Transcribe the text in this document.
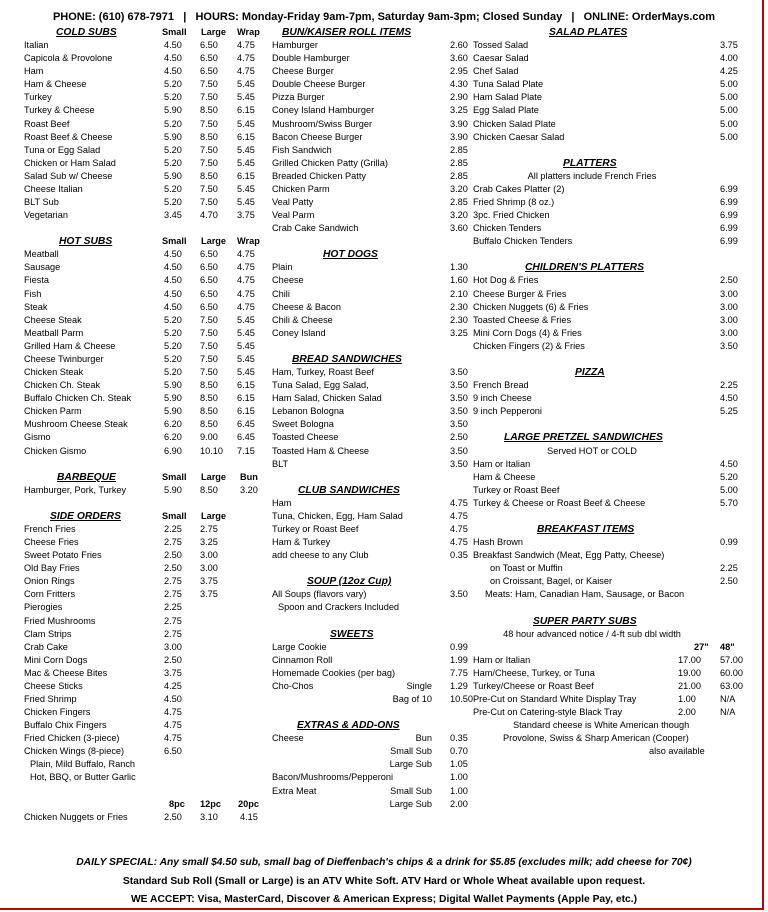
PHONE: (610) 678-7971 | HOURS: Monday-Friday 9am-7pm, Saturday 9am-3pm; Closed Sunday | ONLINE: OrderMays.com
COLD SUBS	Small Large Wrap
Italian	4.50 6.50 4.75
Capicola & Provolone	4.50 6.50 4.75
Ham	4.50 6.50 4.75
Ham & Cheese	5.20 7.50 5.45
Turkey	5.20 7.50 5.45
Turkey & Cheese	5.90 8.50 6.15
Roast Beef	5.20 7.50 5.45
Roast Beef & Cheese	5.90 8.50 6.15
Tuna or Egg Salad	5.20 7.50 5.45
Chicken or Ham Salad	5.20 7.50 5.45
Salad Sub w/ Cheese	5.90 8.50 6.15
Cheese Italian	5.20 7.50 5.45
BLT Sub	5.20 7.50 5.45
Vegetarian	3.45 4.70 3.75
HOT SUBS	Small Large Wrap
Meatball	4.50 6.50 4.75
Sausage	4.50 6.50 4.75
Fiesta	4.50 6.50 4.75
Fish	4.50 6.50 4.75
Steak	4.50 6.50 4.75
Cheese Steak	5.20 7.50 5.45
Meatball Parm	5.20 7.50 5.45
Grilled Ham & Cheese	5.20 7.50 5.45
Cheese Twinburger	5.20 7.50 5.45
Chicken Steak	5.20 7.50 5.45
Chicken Ch. Steak	5.90 8.50 6.15
Buffalo Chicken Ch. Steak	5.90 8.50 6.15
Chicken Parm	5.90 8.50 6.15
Mushroom Cheese Steak	6.20 8.50 6.45
Gismo	6.20 9.00 6.45
Chicken Gismo	6.90 10.10 7.15
BARBEQUE	Small Large Bun
Hamburger, Pork, Turkey	5.90 8.50 3.20
SIDE ORDERS	Small Large
French Fries	2.25 2.75
Cheese Fries	2.75 3.25
Sweet Potato Fries	2.50 3.00
Old Bay Fries	2.50 3.00
Onion Rings	2.75 3.75
Corn Fritters	2.75 3.75
Pierogies	2.25
Fried Mushrooms	2.75
Clam Strips	2.75
Crab Cake	3.00
Mini Corn Dogs	2.50
Mac & Cheese Bites	3.75
Cheese Sticks	4.25
Fried Shrimp	4.50
Chicken Fingers	4.75
Buffalo Chix Fingers	4.75
Fried Chicken (3-piece)	4.75
Chicken Wings (8-piece)	6.50
Plain, Mild Buffalo, Ranch
Hot, BBQ, or Butter Garlic
8pc 12pc 20pc
Chicken Nuggets or Fries	2.50 3.10 4.15
BUN/KAISER ROLL ITEMS
Hamburger	2.60
Double Hamburger	3.60
Cheese Burger	2.95
Double Cheese Burger	4.30
Pizza Burger	2.90
Coney Island Hamburger	3.25
Mushroom/Swiss Burger	3.90
Bacon Cheese Burger	3.90
Fish Sandwich	2.85
Grilled Chicken Patty (Grilla)	2.85
Breaded Chicken Patty	2.85
Chicken Parm	3.20
Veal Patty	2.85
Veal Parm	3.20
Crab Cake Sandwich	3.60
HOT DOGS
Plain	1.30
Cheese	1.60
Chili	2.10
Cheese & Bacon	2.30
Chili & Cheese	2.30
Coney Island	3.25
BREAD SANDWICHES
Ham, Turkey, Roast Beef	3.50
Tuna Salad, Egg Salad,	3.50
Ham Salad, Chicken Salad	3.50
Lebanon Bologna	3.50
Sweet Bologna	3.50
Toasted Cheese	2.50
Toasted Ham & Cheese	3.50
BLT	3.50
CLUB SANDWICHES
Ham	4.75
Tuna, Chicken, Egg, Ham Salad	4.75
Turkey or Roast Beef	4.75
Ham & Turkey	4.75
add cheese to any Club	0.35
SOUP (12oz Cup)
All Soups (flavors vary)	3.50
Spoon and Crackers Included
SWEETS
Large Cookie	0.99
Cinnamon Roll	1.99
Homemade Cookies (per bag)	7.75
Cho-Chos	Single 1.29
Bag of 10 10.50
EXTRAS & ADD-ONS
Cheese	Bun 0.35
Small Sub 0.70
Large Sub 1.05
Bacon/Mushrooms/Pepperoni	1.00
Extra Meat	Small Sub 1.00
Large Sub 2.00
SALAD PLATES
Tossed Salad	3.75
Caesar Salad	4.00
Chef Salad	4.25
Tuna Salad Plate	5.00
Ham Salad Plate	5.00
Egg Salad Plate	5.00
Chicken Salad Plate	5.00
Chicken Caesar Salad	5.00
PLATTERS
All platters include French Fries
Crab Cakes Platter (2)	6.99
Fried Shrimp (8 oz.)	6.99
3pc. Fried Chicken	6.99
Chicken Tenders	6.99
Buffalo Chicken Tenders	6.99
CHILDREN'S PLATTERS
Hot Dog & Fries	2.50
Cheese Burger & Fries	3.00
Chicken Nuggets (6) & Fries	3.00
Toasted Cheese & Fries	3.00
Mini Corn Dogs (4) & Fries	3.00
Chicken Fingers (2) & Fries	3.50
PIZZA
French Bread	2.25
9 inch Cheese	4.50
9 inch Pepperoni	5.25
LARGE PRETZEL SANDWICHES
Served HOT or COLD
Ham or Italian	4.50
Ham & Cheese	5.20
Turkey or Roast Beef	5.00
Turkey & Cheese or Roast Beef & Cheese	5.70
BREAKFAST ITEMS
Hash Brown	0.99
Breakfast Sandwich (Meat, Egg Patty, Cheese)
on Toast or Muffin	2.25
on Croissant, Bagel, or Kaiser	2.50
Meats: Ham, Canadian Ham, Sausage, or Bacon
SUPER PARTY SUBS
48 hour advanced notice / 4-ft sub dbl width
27" 48"
Ham or Italian	17.00 57.00
Ham/Cheese, Turkey, or Tuna	19.00 60.00
Turkey/Cheese or Roast Beef	21.00 63.00
Pre-Cut on Standard White Display Tray	1.00	N/A
Pre-Cut on Catering-style Black Tray	2.00	N/A
Standard cheese is White American though
Provolone, Swiss & Sharp American (Cooper)
also available
DAILY SPECIAL: Any small $4.50 sub, small bag of Dieffenbach's chips & a drink for $5.85 (excludes milk; add cheese for 70¢)
Standard Sub Roll (Small or Large) is an ATV White Soft. ATV Hard or Whole Wheat available upon request.
WE ACCEPT: Visa, MasterCard, Discover & American Express; Digital Wallet Payments (Apple Pay, etc.)
